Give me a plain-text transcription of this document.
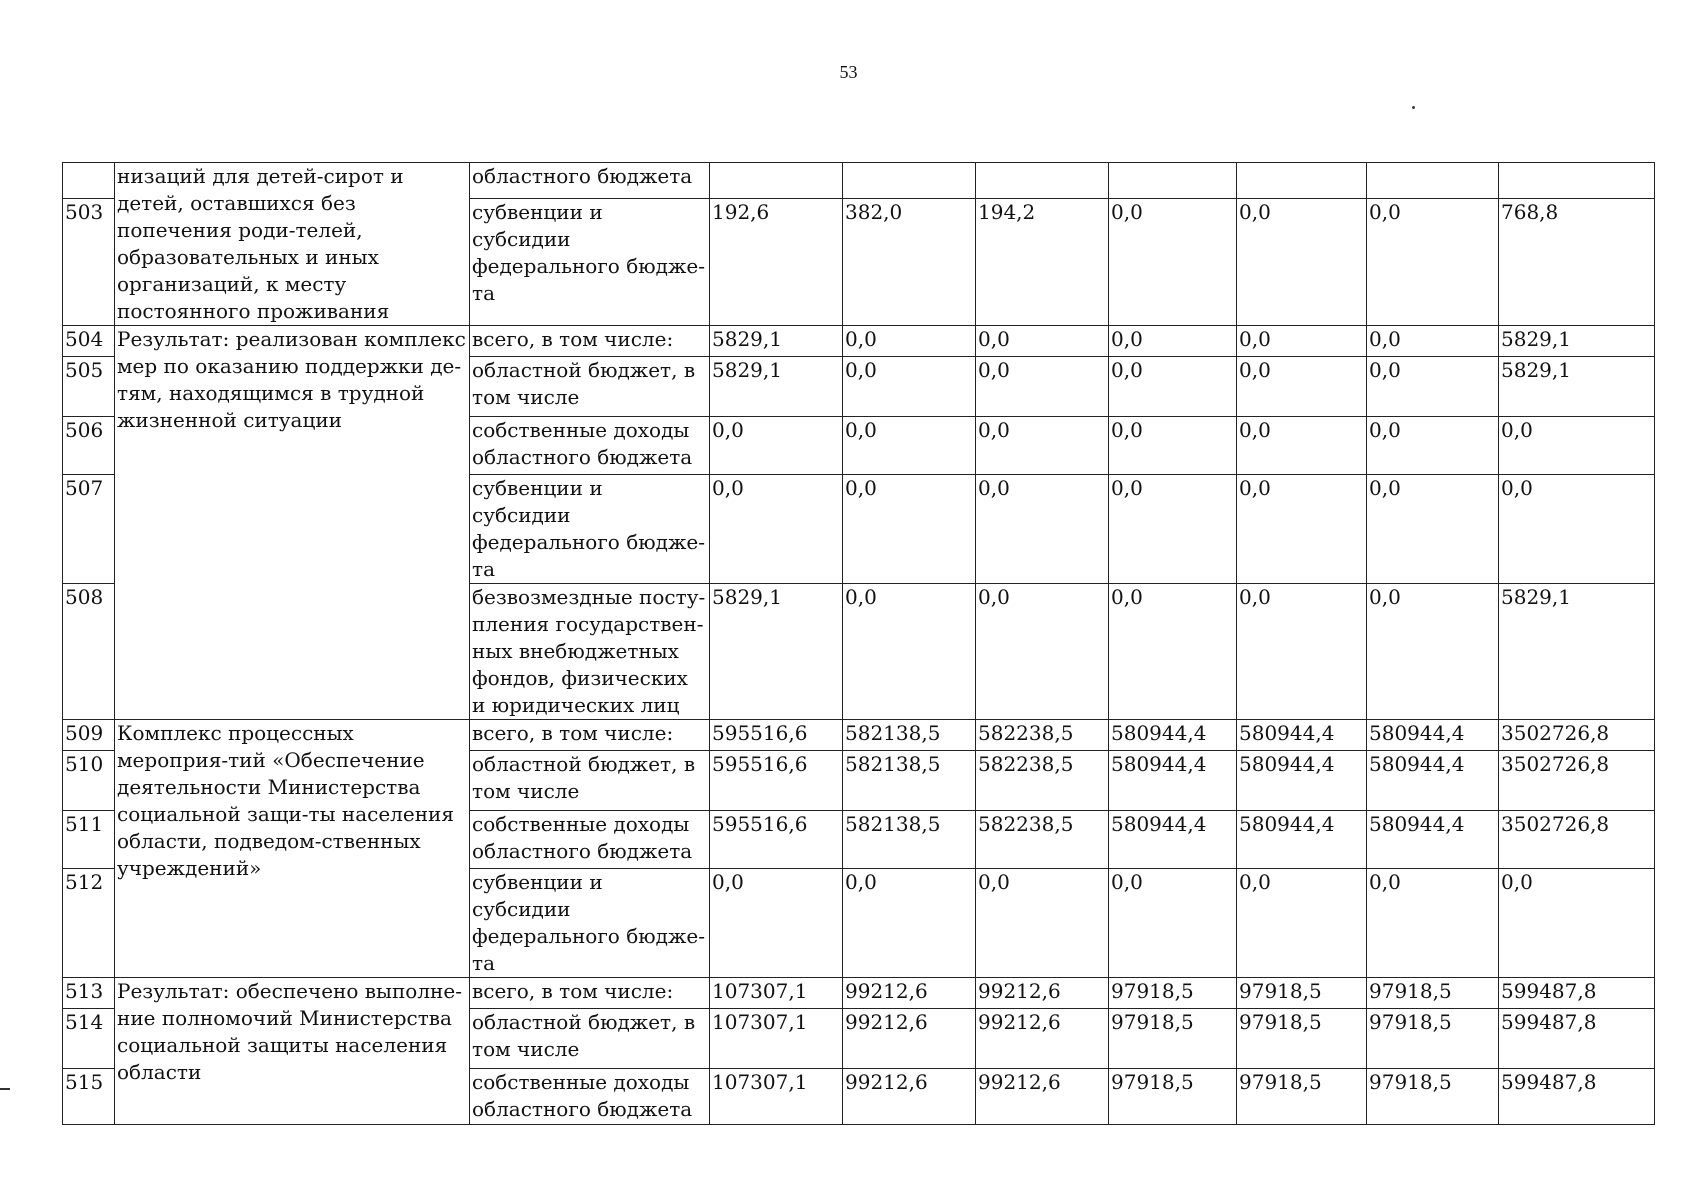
53
	низаций для детей-сирот и детей, оставшихся без попечения роди-телей, образовательных и иных организаций, к месту постоянного проживания	областного бюджета							
503		субвенции и субсидии федерального бюдже-та	192,6	382,0	194,2	0,0	0,0	0,0	768,8
504	Результат: реализован комплекс мер по оказанию поддержки де-тям, находящимся в трудной жизненной ситуации	всего, в том числе:	5829,1	0,0	0,0	0,0	0,0	0,0	5829,1
505		областной бюджет, в том числе	5829,1	0,0	0,0	0,0	0,0	0,0	5829,1
506		собственные доходы областного бюджета	0,0	0,0	0,0	0,0	0,0	0,0	0,0
507		субвенции и субсидии федерального бюдже-та	0,0	0,0	0,0	0,0	0,0	0,0	0,0
508		безвозмездные посту-пления государствен-ных внебюджетных фондов, физических и юридических лиц	5829,1	0,0	0,0	0,0	0,0	0,0	5829,1
509	Комплекс процессных мероприя-тий «Обеспечение деятельности Министерства социальной защи-ты населения области, подведом-ственных учреждений»	всего, в том числе:	595516,6	582138,5	582238,5	580944,4	580944,4	580944,4	3502726,8
510		областной бюджет, в том числе	595516,6	582138,5	582238,5	580944,4	580944,4	580944,4	3502726,8
511		собственные доходы областного бюджета	595516,6	582138,5	582238,5	580944,4	580944,4	580944,4	3502726,8
512		субвенции и субсидии федерального бюдже-та	0,0	0,0	0,0	0,0	0,0	0,0	0,0
513	Результат: обеспечено выполне-ние полномочий Министерства социальной защиты населения области	всего, в том числе:	107307,1	99212,6	99212,6	97918,5	97918,5	97918,5	599487,8
514		областной бюджет, в том числе	107307,1	99212,6	99212,6	97918,5	97918,5	97918,5	599487,8
515		собственные доходы областного бюджета	107307,1	99212,6	99212,6	97918,5	97918,5	97918,5	599487,8
